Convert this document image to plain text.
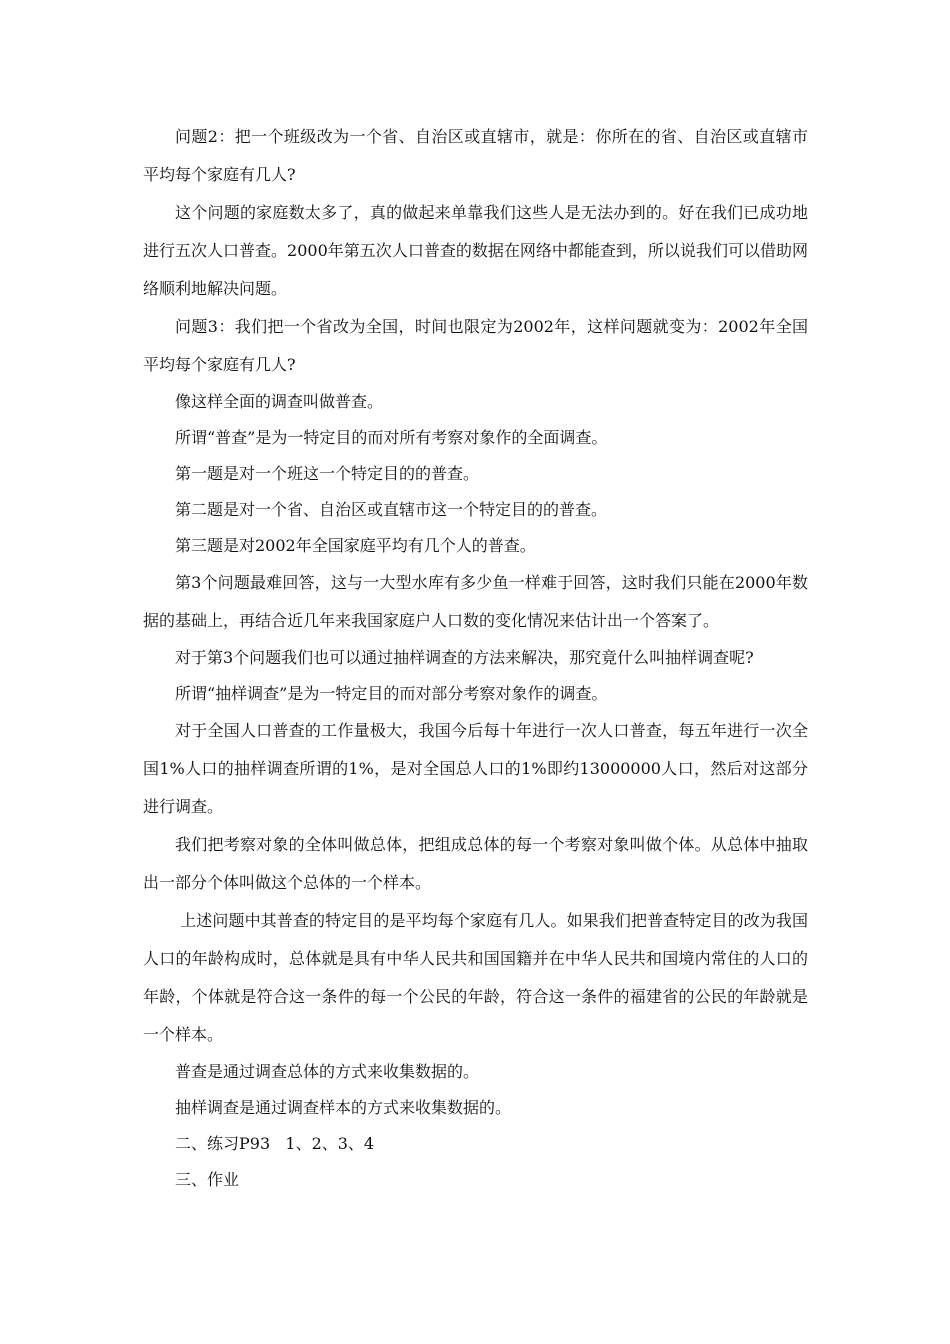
问题2：把一个班级改为一个省、自治区或直辖市，就是：你所在的省、自治区或直辖市平均每个家庭有几人?

这个问题的家庭数太多了，真的做起来单靠我们这些人是无法办到的。好在我们已成功地进行五次人口普查。2000年第五次人口普查的数据在网络中都能查到，所以说我们可以借助网络顺利地解决问题。

问题3：我们把一个省改为全国，时间也限定为2002年，这样问题就变为：2002年全国平均每个家庭有几人?

像这样全面的调查叫做普查。

所谓“普查”是为一特定目的而对所有考察对象作的全面调查。

第一题是对一个班这一个特定目的的普查。

第二题是对一个省、自治区或直辖市这一个特定目的的普查。

第三题是对2002年全国家庭平均有几个人的普查。

第3个问题最难回答，这与一大型水库有多少鱼一样难于回答，这时我们只能在2000年数据的基础上，再结合近几年来我国家庭户人口数的变化情况来估计出一个答案了。

对于第3个问题我们也可以通过抽样调查的方法来解决，那究竟什么叫抽样调查呢?

所谓“抽样调查”是为一特定目的而对部分考察对象作的调查。

对于全国人口普查的工作量极大，我国今后每十年进行一次人口普查，每五年进行一次全国1%人口的抽样调查所谓的1%，是对全国总人口的1%即约13000000人口，然后对这部分进行调查。

我们把考察对象的全体叫做总体，把组成总体的每一个考察对象叫做个体。从总体中抽取出一部分个体叫做这个总体的一个样本。

上述问题中其普查的特定目的是平均每个家庭有几人。如果我们把普查特定目的改为我国人口的年龄构成时，总体就是具有中华人民共和国国籍并在中华人民共和国境内常住的人口的年龄，个体就是符合这一条件的每一个公民的年龄，符合这一条件的福建省的公民的年龄就是一个样本。

普查是通过调查总体的方式来收集数据的。

抽样调查是通过调查样本的方式来收集数据的。

二、练习P93   1、2、3、4

三、作业
